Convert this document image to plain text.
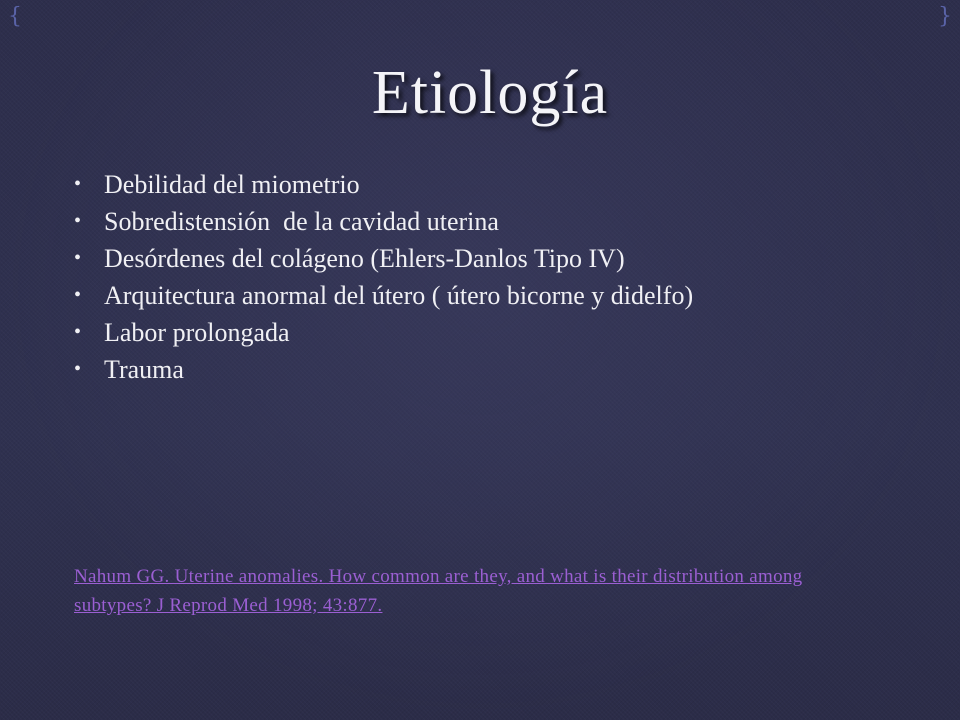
{	}
Etiología
• Debilidad del miometrio
• Sobredistensión  de la cavidad uterina
• Desórdenes del colágeno (Ehlers-Danlos Tipo IV)
• Arquitectura anormal del útero ( útero bicorne y didelfo)
• Labor prolongada
• Trauma
Nahum GG. Uterine anomalies. How common are they, and what is their distribution among subtypes? J Reprod Med 1998; 43:877.
